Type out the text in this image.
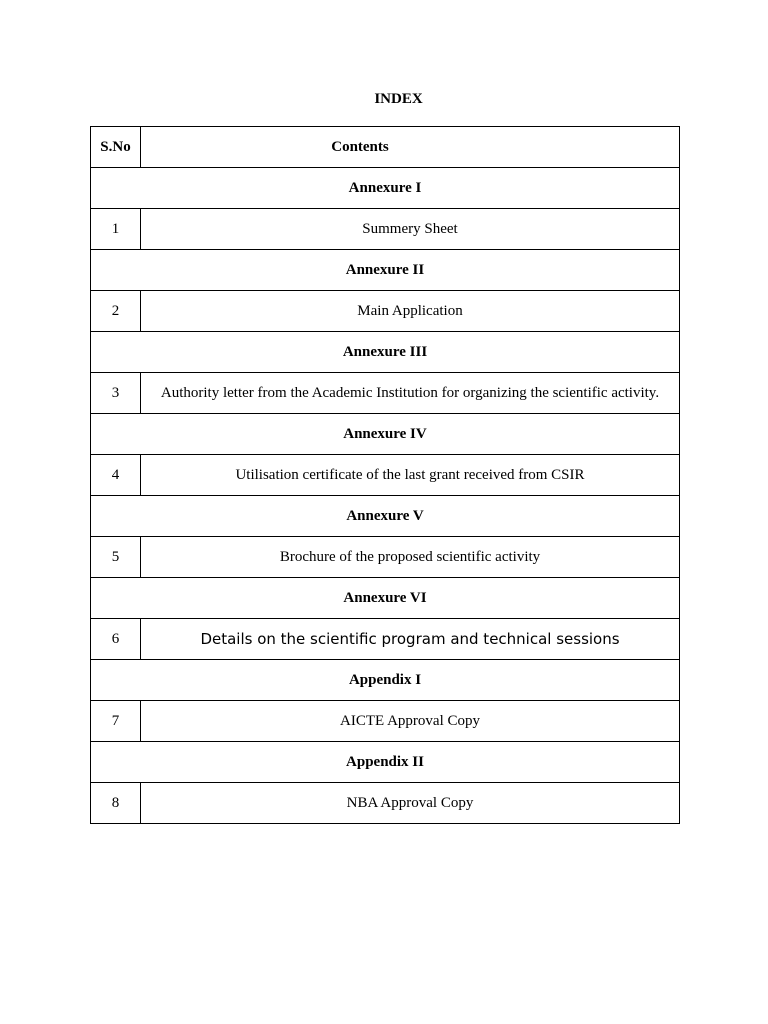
INDEX
S.No	Contents
Annexure I	
1	Summery Sheet
Annexure II	
2	Main Application
Annexure III	
3	Authority letter from the Academic Institution for organizing the scientific activity.
Annexure IV	
4	Utilisation certificate of the last grant received from CSIR
Annexure V	
5	Brochure of the proposed scientific activity
Annexure VI	
6	Details on the scientific program and technical sessions
Appendix I	
7	AICTE Approval Copy
Appendix II	
8	NBA Approval Copy
